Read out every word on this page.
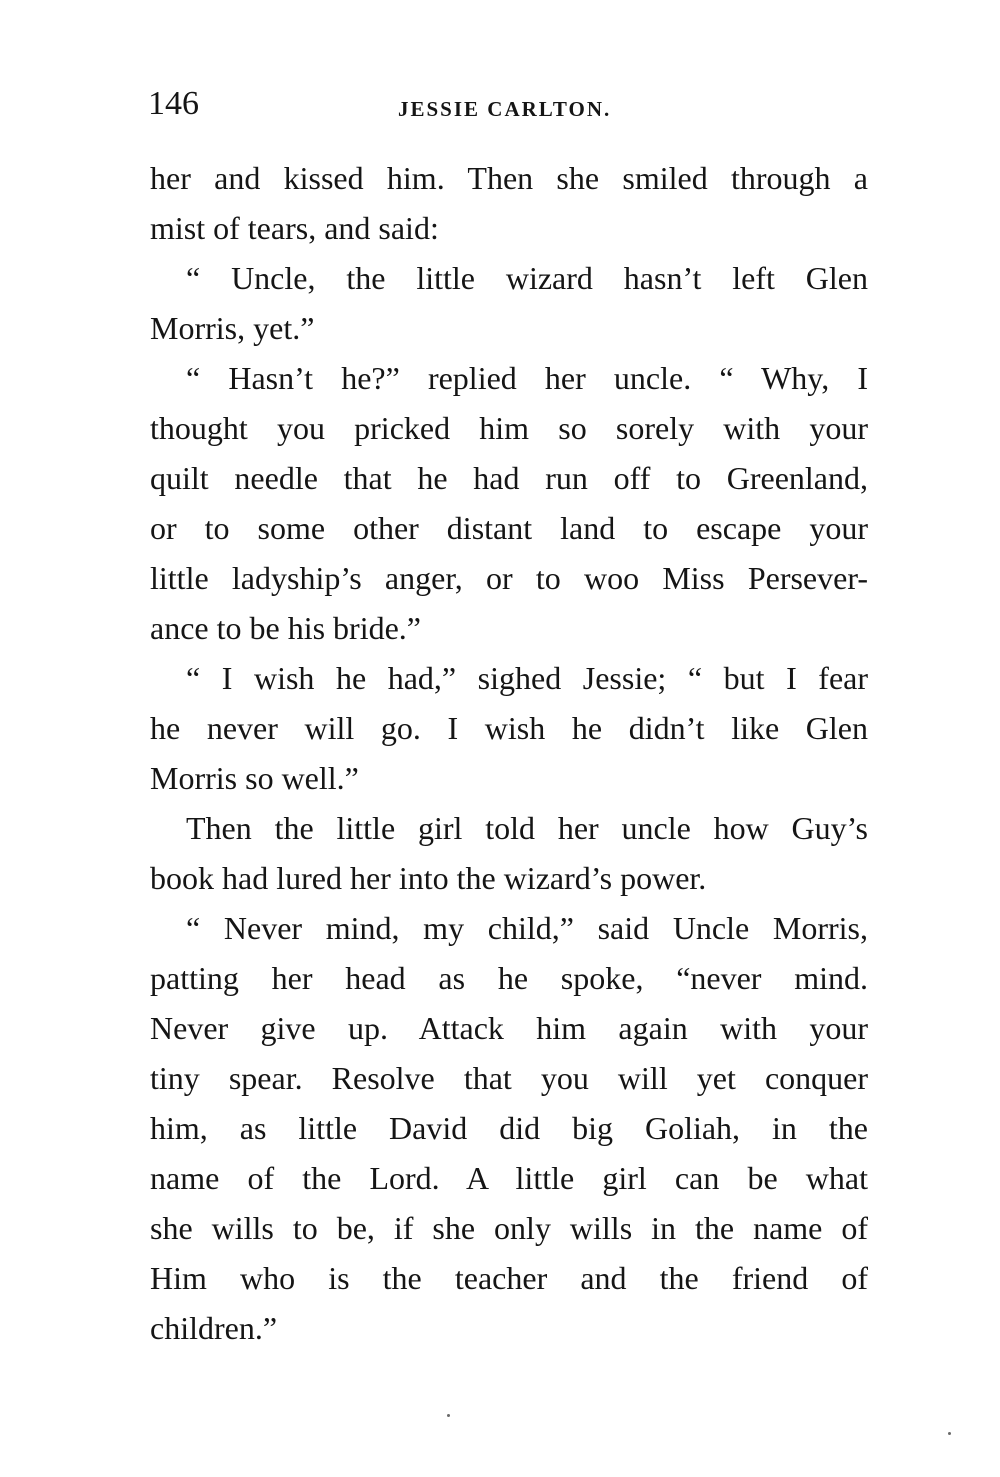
146	JESSIE CARLTON.
her and kissed him. Then she smiled through a
mist of tears, and said:
“ Uncle, the little wizard hasn’t left Glen
Morris, yet.”
“ Hasn’t he?” replied her uncle. “ Why, I
thought you pricked him so sorely with your
quilt needle that he had run off to Greenland,
or to some other distant land to escape your
little ladyship’s anger, or to woo Miss Persever-
ance to be his bride.”
“ I wish he had,” sighed Jessie; “ but I fear
he never will go. I wish he didn’t like Glen
Morris so well.”
Then the little girl told her uncle how Guy’s
book had lured her into the wizard’s power.
“ Never mind, my child,” said Uncle Morris,
patting her head as he spoke, “never mind.
Never give up. Attack him again with your
tiny spear. Resolve that you will yet conquer
him, as little David did big Goliah, in the
name of the Lord. A little girl can be what
she wills to be, if she only wills in the name of
Him who is the teacher and the friend of
children.”
